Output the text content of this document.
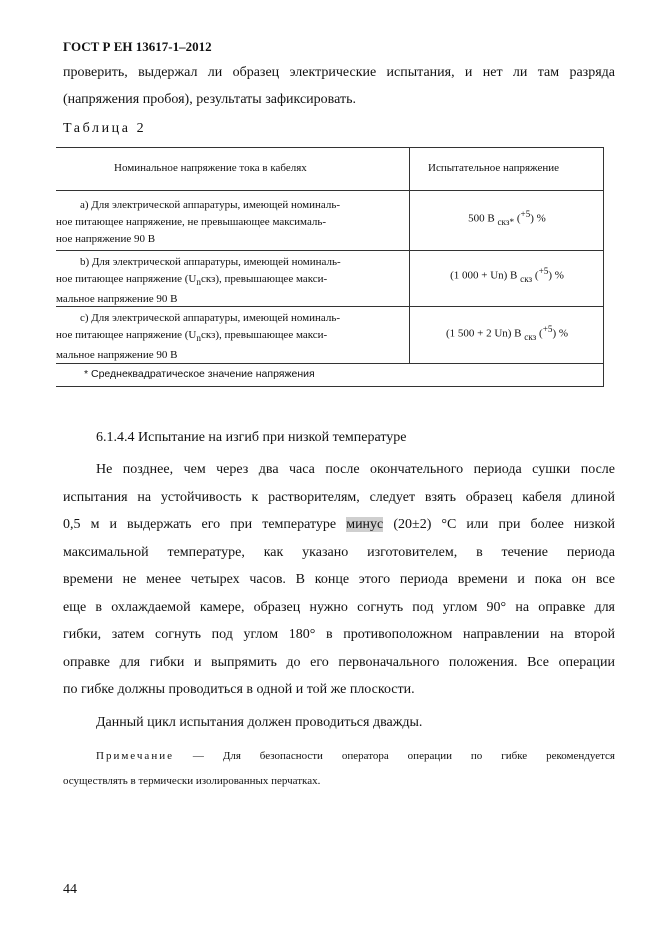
ГОСТ Р ЕН 13617-1–2012
проверить, выдержал ли образец электрические испытания, и нет ли там разряда
(напряжения пробоя), результаты зафиксировать.
Таблица 2
Номинальное напряжение тока в кабелях	Испытательное напряжение
а) Для электрической аппаратуры, имеющей номиналь-
ное питающее напряжение, не превышающее максималь-
ное напряжение 90 В
500 В $_{скз*}$ ($^{+5}$) %
b) Для электрической аппаратуры, имеющей номиналь-
ное питающее напряжение $(U_nскз)$, превышающее макси-
мальное напряжение 90 В
(1 000 + Un) В $_{скз}$ ($^{+5}$) %
c) Для электрической аппаратуры, имеющей номиналь-
ное питающее напряжение $(U_nскз)$, превышающее макси-
мальное напряжение 90 В
(1 500 + 2 Un) В $_{скз}$ ($^{+5}$) %
* Среднеквадратическое значение напряжения
6.1.4.4 Испытание на изгиб при низкой температуре
Не позднее, чем через два часа после окончательного периода сушки после
испытания на устойчивость к растворителям, следует взять образец кабеля длиной
0,5 м и выдержать его при температуре минус (20±2) °С или при более низкой
максимальной температуре, как указано изготовителем, в течение периода
времени не менее четырех часов. В конце этого периода времени и пока он все
еще в охлаждаемой камере, образец нужно согнуть под углом 90° на оправке для
гибки, затем согнуть под углом 180° в противоположном направлении на второй
оправке для гибки и выпрямить до его первоначального положения. Все операции
по гибке должны проводиться в одной и той же плоскости.
Данный цикл испытания должен проводиться дважды.
Примечание — Для безопасности оператора операции по гибке рекомендуется
осуществлять в термически изолированных перчатках.
44
